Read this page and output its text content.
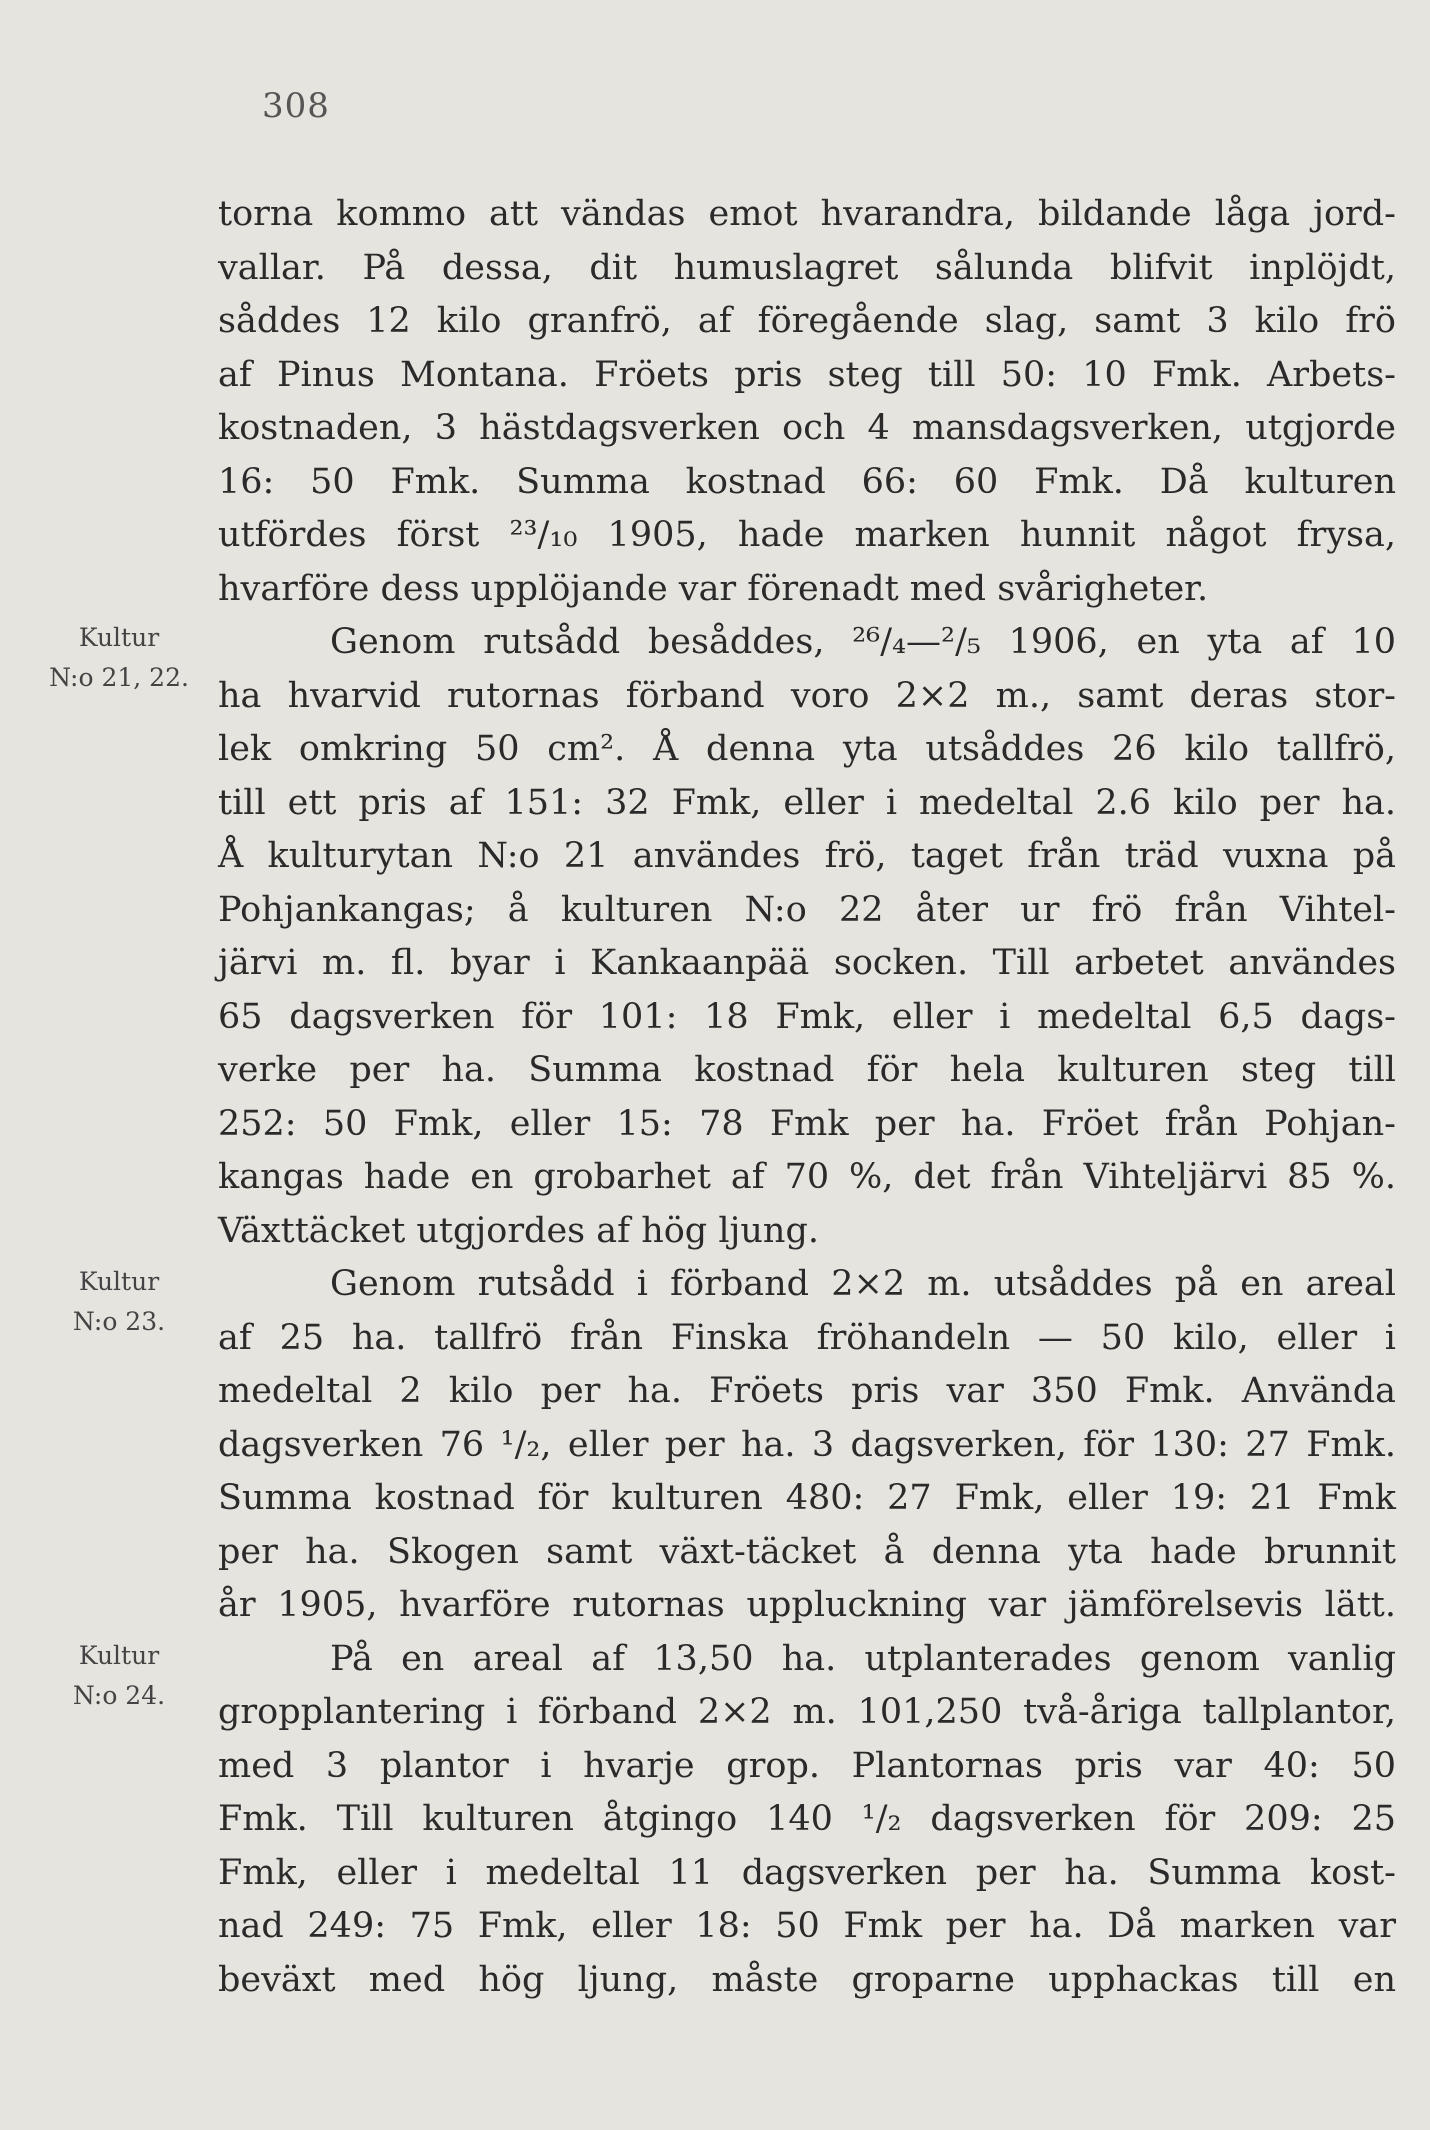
308
Kultur
N:o 21, 22.
Kultur
N:o 23.
Kultur
N:o 24.
torna kommo att vändas emot hvarandra, bildande låga jord-
vallar. På dessa, dit humuslagret sålunda blifvit inplöjdt,
såddes 12 kilo granfrö, af föregående slag, samt 3 kilo frö
af Pinus Montana. Fröets pris steg till 50: 10 Fmk. Arbets-
kostnaden, 3 hästdagsverken och 4 mansdagsverken, utgjorde
16: 50 Fmk. Summa kostnad 66: 60 Fmk. Då kulturen
utfördes först ²³/₁₀ 1905, hade marken hunnit något frysa,
hvarföre dess upplöjande var förenadt med svårigheter.
Genom rutsådd besåddes, ²⁶/₄—²/₅ 1906, en yta af 10
ha hvarvid rutornas förband voro 2×2 m., samt deras stor-
lek omkring 50 cm². Å denna yta utsåddes 26 kilo tallfrö,
till ett pris af 151: 32 Fmk, eller i medeltal 2.6 kilo per ha.
Å kulturytan N:o 21 användes frö, taget från träd vuxna på
Pohjankangas; å kulturen N:o 22 åter ur frö från Vihtel-
järvi m. fl. byar i Kankaanpää socken. Till arbetet användes
65 dagsverken för 101: 18 Fmk, eller i medeltal 6,5 dags-
verke per ha. Summa kostnad för hela kulturen steg till
252: 50 Fmk, eller 15: 78 Fmk per ha. Fröet från Pohjan-
kangas hade en grobarhet af 70 %, det från Vihteljärvi 85 %.
Växttäcket utgjordes af hög ljung.
Genom rutsådd i förband 2×2 m. utsåddes på en areal
af 25 ha. tallfrö från Finska fröhandeln — 50 kilo, eller i
medeltal 2 kilo per ha. Fröets pris var 350 Fmk. Använda
dagsverken 76 ¹/₂, eller per ha. 3 dagsverken, för 130: 27 Fmk.
Summa kostnad för kulturen 480: 27 Fmk, eller 19: 21 Fmk
per ha. Skogen samt växt-täcket å denna yta hade brunnit
år 1905, hvarföre rutornas uppluckning var jämförelsevis lätt.
På en areal af 13,50 ha. utplanterades genom vanlig
gropplantering i förband 2×2 m. 101,250 två-åriga tallplantor,
med 3 plantor i hvarje grop. Plantornas pris var 40: 50
Fmk. Till kulturen åtgingo 140 ¹/₂ dagsverken för 209: 25
Fmk, eller i medeltal 11 dagsverken per ha. Summa kost-
nad 249: 75 Fmk, eller 18: 50 Fmk per ha. Då marken var
beväxt med hög ljung, måste groparne upphackas till en
